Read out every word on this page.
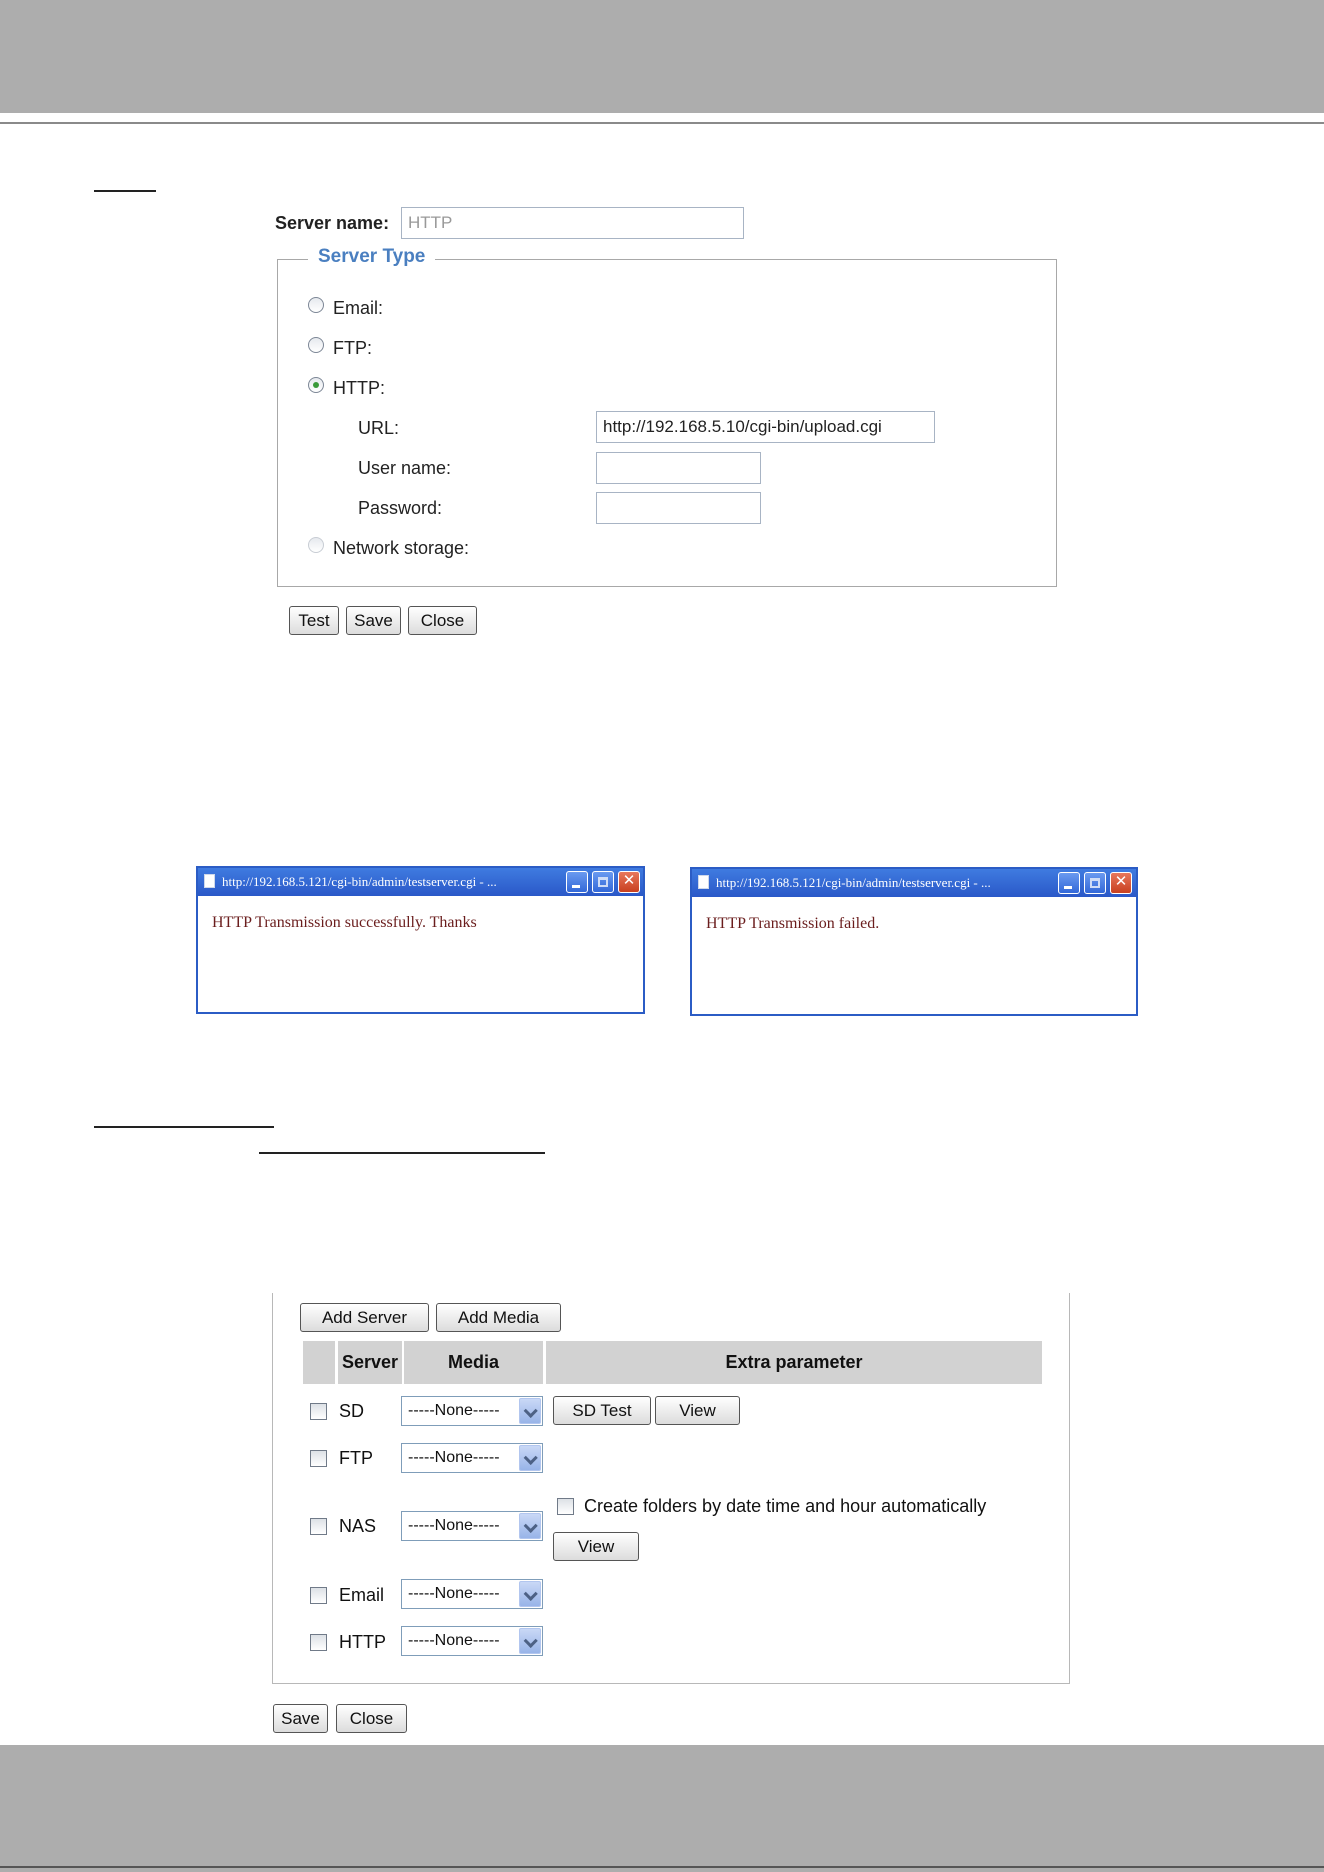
Server name:	HTTP
Server Type
Email:
FTP:
HTTP:
URL:	http://192.168.5.10/cgi-bin/upload.cgi
User name:
Password:
Network storage:
Test	Save	Close
http://192.168.5.121/cgi-bin/admin/testserver.cgi - ...	✕
HTTP Transmission successfully. Thanks
http://192.168.5.121/cgi-bin/admin/testserver.cgi - ...	✕
HTTP Transmission failed.
Add Server	Add Media
Server	Media	Extra parameter
SD	-----None-----	SD Test	View
FTP	-----None-----
NAS	-----None-----
Create folders by date time and hour automatically
View
Email	-----None-----
HTTP	-----None-----
Save	Close
